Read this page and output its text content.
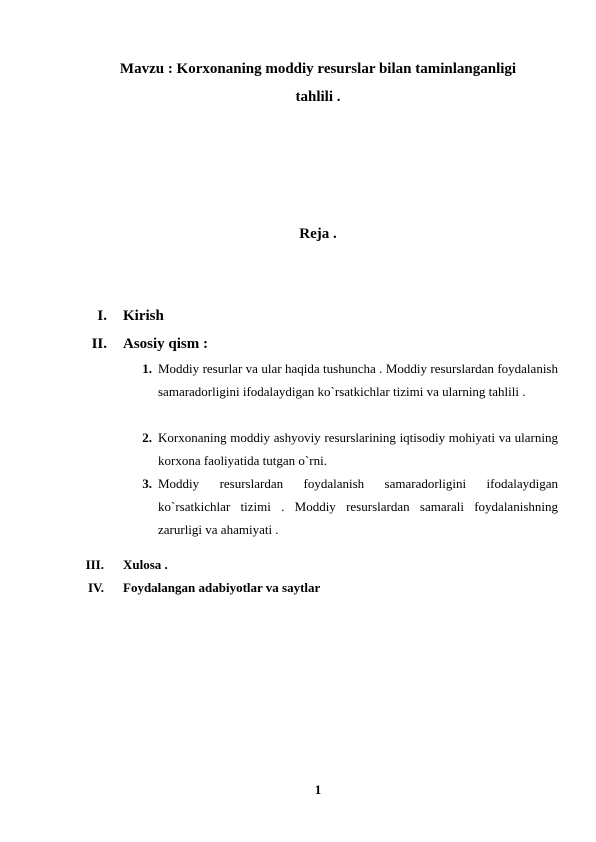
Mavzu : Korxonaning moddiy resurslar bilan taminlanganligi
tahlili .
Reja .
I. Kirish
II. Asosiy qism :
1. Moddiy resurlar va ular haqida tushuncha . Moddiy resurslardan foydalanish samaradorligini ifodalaydigan ko`rsatkichlar tizimi va ularning tahlili .
2. Korxonaning moddiy ashyoviy resurslarining iqtisodiy mohiyati va ularning korxona faoliyatida tutgan o`rni.
3. Moddiy resurslardan foydalanish samaradorligini ifodalaydigan ko`rsatkichlar tizimi . Moddiy resurslardan samarali foydalanishning zarurligi va ahamiyati .
III. Xulosa .
IV. Foydalangan adabiyotlar va saytlar
1
